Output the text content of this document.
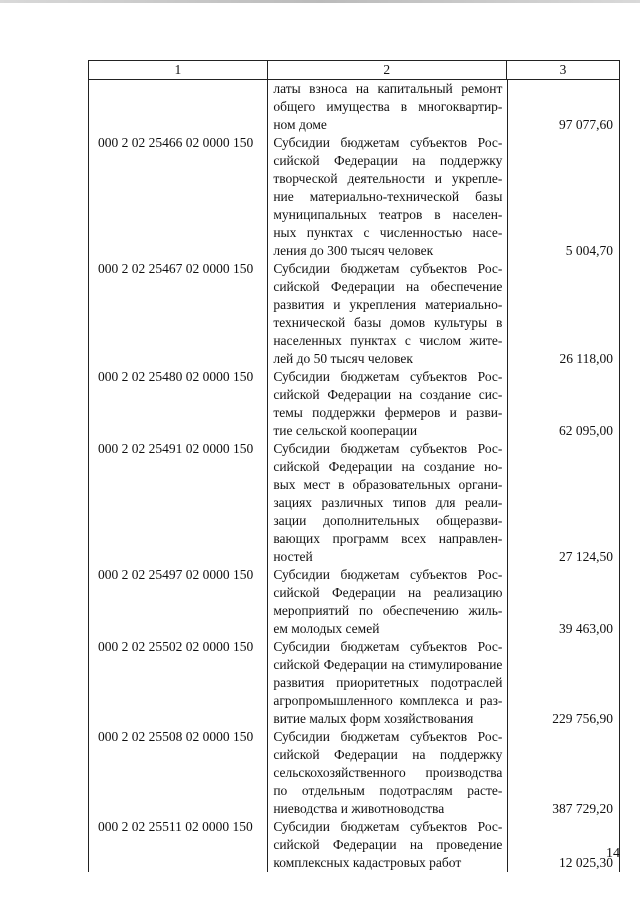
1	2	3
латы взноса на капитальный ремонт
общего имущества в многоквартир-
ном доме	97 077,60
000 2 02 25466 02 0000 150	Субсидии бюджетам субъектов Рос-
сийской Федерации на поддержку
творческой деятельности и укрепле-
ние материально-технической базы
муниципальных театров в населен-
ных пунктах с численностью насе-
ления до 300 тысяч человек	5 004,70
000 2 02 25467 02 0000 150	Субсидии бюджетам субъектов Рос-
сийской Федерации на обеспечение
развития и укрепления материально-
технической базы домов культуры в
населенных пунктах с числом жите-
лей до 50 тысяч человек	26 118,00
000 2 02 25480 02 0000 150	Субсидии бюджетам субъектов Рос-
сийской Федерации на создание сис-
темы поддержки фермеров и разви-
тие сельской кооперации	62 095,00
000 2 02 25491 02 0000 150	Субсидии бюджетам субъектов Рос-
сийской Федерации на создание но-
вых мест в образовательных органи-
зациях различных типов для реали-
зации дополнительных общеразви-
вающих программ всех направлен-
ностей	27 124,50
000 2 02 25497 02 0000 150	Субсидии бюджетам субъектов Рос-
сийской Федерации на реализацию
мероприятий по обеспечению жиль-
ем молодых семей	39 463,00
000 2 02 25502 02 0000 150	Субсидии бюджетам субъектов Рос-
сийской Федерации на стимулирование
развития приоритетных подотраслей
агропромышленного комплекса и раз-
витие малых форм хозяйствования	229 756,90
000 2 02 25508 02 0000 150	Субсидии бюджетам субъектов Рос-
сийской Федерации на поддержку
сельскохозяйственного производства
по отдельным подотраслям расте-
ниеводства и животноводства	387 729,20
000 2 02 25511 02 0000 150	Субсидии бюджетам субъектов Рос-
сийской Федерации на проведение
комплексных кадастровых работ	12 025,30
14
